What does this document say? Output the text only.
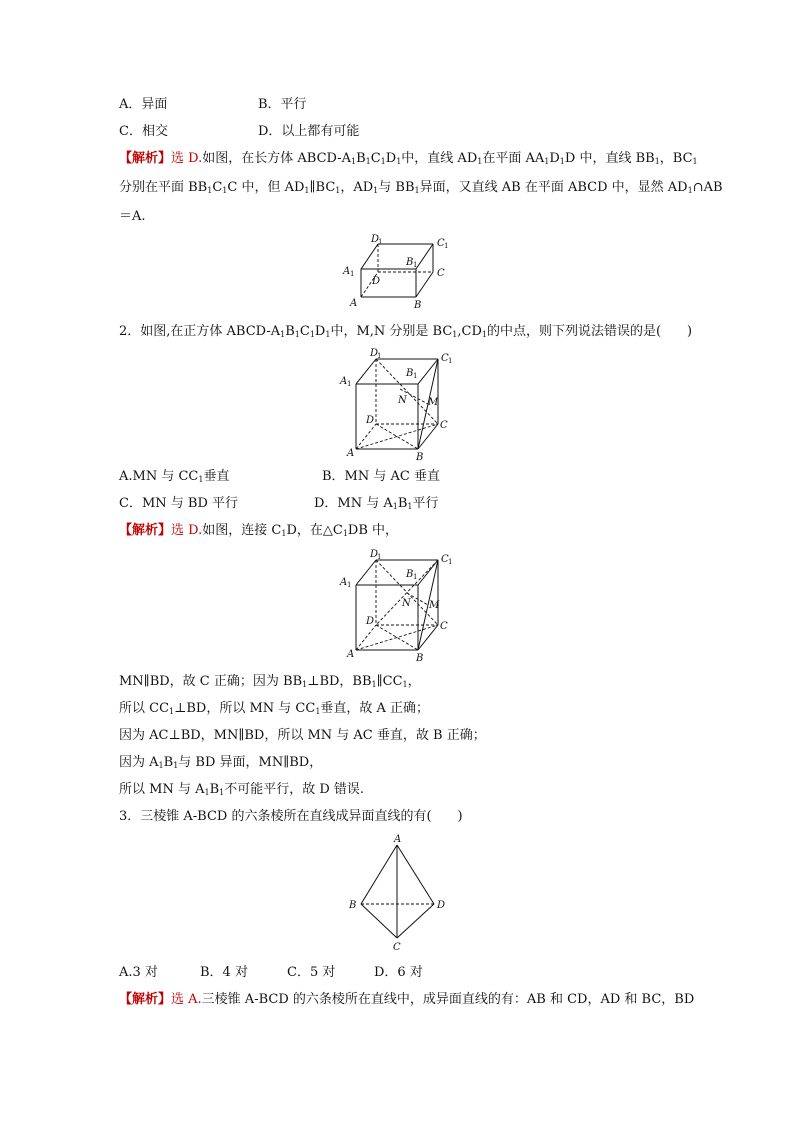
A．异面	B．平行
C．相交	D．以上都有可能
【解析】选 D.如图，在长方体 ABCD-$A_1B_1C_1D_1$中，直线 $AD_1$在平面 $AA_1D_1D$ 中，直线 $BB_1$，$BC_1$
分别在平面 $BB_1C_1C$ 中，但 $AD_1\parallel BC_1$，$AD_1$与 $BB_1$异面，又直线 AB 在平面 ABCD 中，显然 $AD_1\cap AB$
＝A.
D
1	C 1
A 1
B 1
C
D
A	B
2．如图,在正方体 ABCD-$A_1B_1C_1D_1$中，M,N 分别是 $BC_1,CD_1$的中点，则下列说法错误的是(　　)
D
1	C 1
A 1
B 1
N M
D	C
A	B
A.MN 与 $CC_1$垂直	B．MN 与 AC 垂直
C．MN 与 BD 平行	D．MN 与 $A_1B_1$平行
【解析】选 D.如图，连接 $C_1D$，在$\triangle C_1DB$ 中，
D
1	C 1
A 1
B 1
N M
D	C
A	B
MN∥BD，故 C 正确；因为 $BB_1\perp BD$，$BB_1\parallel CC_1$，
所以 $CC_1\perp BD$，所以 MN 与 $CC_1$垂直，故 A 正确；
因为 AC⊥BD，MN∥BD，所以 MN 与 AC 垂直，故 B 正确；
因为 $A_1B_1$与 BD 异面，MN∥BD，
所以 MN 与 $A_1B_1$不可能平行，故 D 错误.
3．三棱锥 A-BCD 的六条棱所在直线成异面直线的有(　　)
A
B	D
C
A.3 对	B．4 对	C．5 对	D．6 对
【解析】选 A.三棱锥 A-BCD 的六条棱所在直线中，成异面直线的有：AB 和 CD，AD 和 BC，BD
